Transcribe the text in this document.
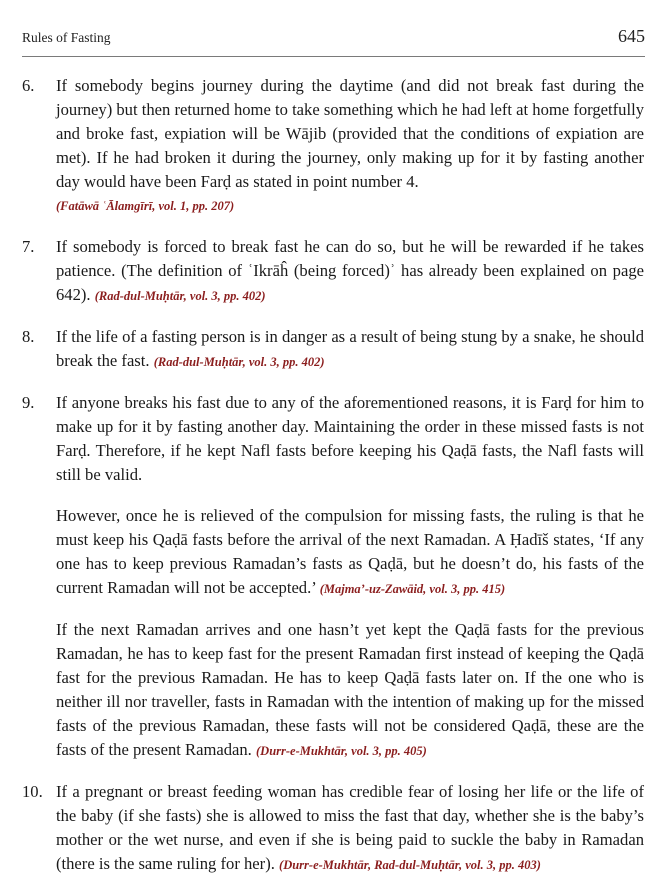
Rules of Fasting	645
6.	If somebody begins journey during the daytime (and did not break fast during the journey) but then returned home to take something which he had left at home forgetfully and broke fast, expiation will be Wājib (provided that the conditions of expiation are met). If he had broken it during the journey, only making up for it by fasting another day would have been Farḍ as stated in point number 4.
(Fatāwā ʿĀlamgīrī, vol. 1, pp. 207)

7.	If somebody is forced to break fast he can do so, but he will be rewarded if he takes patience. (The definition of ʿIkrāĥ (being forced)ʾ has already been explained on page 642). (Rad-dul-Muḥtār, vol. 3, pp. 402)

8.	If the life of a fasting person is in danger as a result of being stung by a snake, he should break the fast. (Rad-dul-Muḥtār, vol. 3, pp. 402)

9.	If anyone breaks his fast due to any of the aforementioned reasons, it is Farḍ for him to make up for it by fasting another day. Maintaining the order in these missed fasts is not Farḍ. Therefore, if he kept Nafl fasts before keeping his Qaḍā fasts, the Nafl fasts will still be valid.

However, once he is relieved of the compulsion for missing fasts, the ruling is that he must keep his Qaḍā fasts before the arrival of the next Ramadan. A Ḥadīš states, ‘If any one has to keep previous Ramadan’s fasts as Qaḍā, but he doesn’t do, his fasts of the current Ramadan will not be accepted.’ (Majma’-uz-Zawāid, vol. 3, pp. 415)

If the next Ramadan arrives and one hasn’t yet kept the Qaḍā fasts for the previous Ramadan, he has to keep fast for the present Ramadan first instead of keeping the Qaḍā fast for the previous Ramadan. He has to keep Qaḍā fasts later on. If the one who is neither ill nor traveller, fasts in Ramadan with the intention of making up for the missed fasts of the previous Ramadan, these fasts will not be considered Qaḍā, these are the fasts of the present Ramadan. (Durr-e-Mukhtār, vol. 3, pp. 405)

10. If a pregnant or breast feeding woman has credible fear of losing her life or the life of the baby (if she fasts) she is allowed to miss the fast that day, whether she is the baby’s mother or the wet nurse, and even if she is being paid to suckle the baby in Ramadan (there is the same ruling for her). (Durr-e-Mukhtār, Rad-dul-Muḥtār, vol. 3, pp. 403)
